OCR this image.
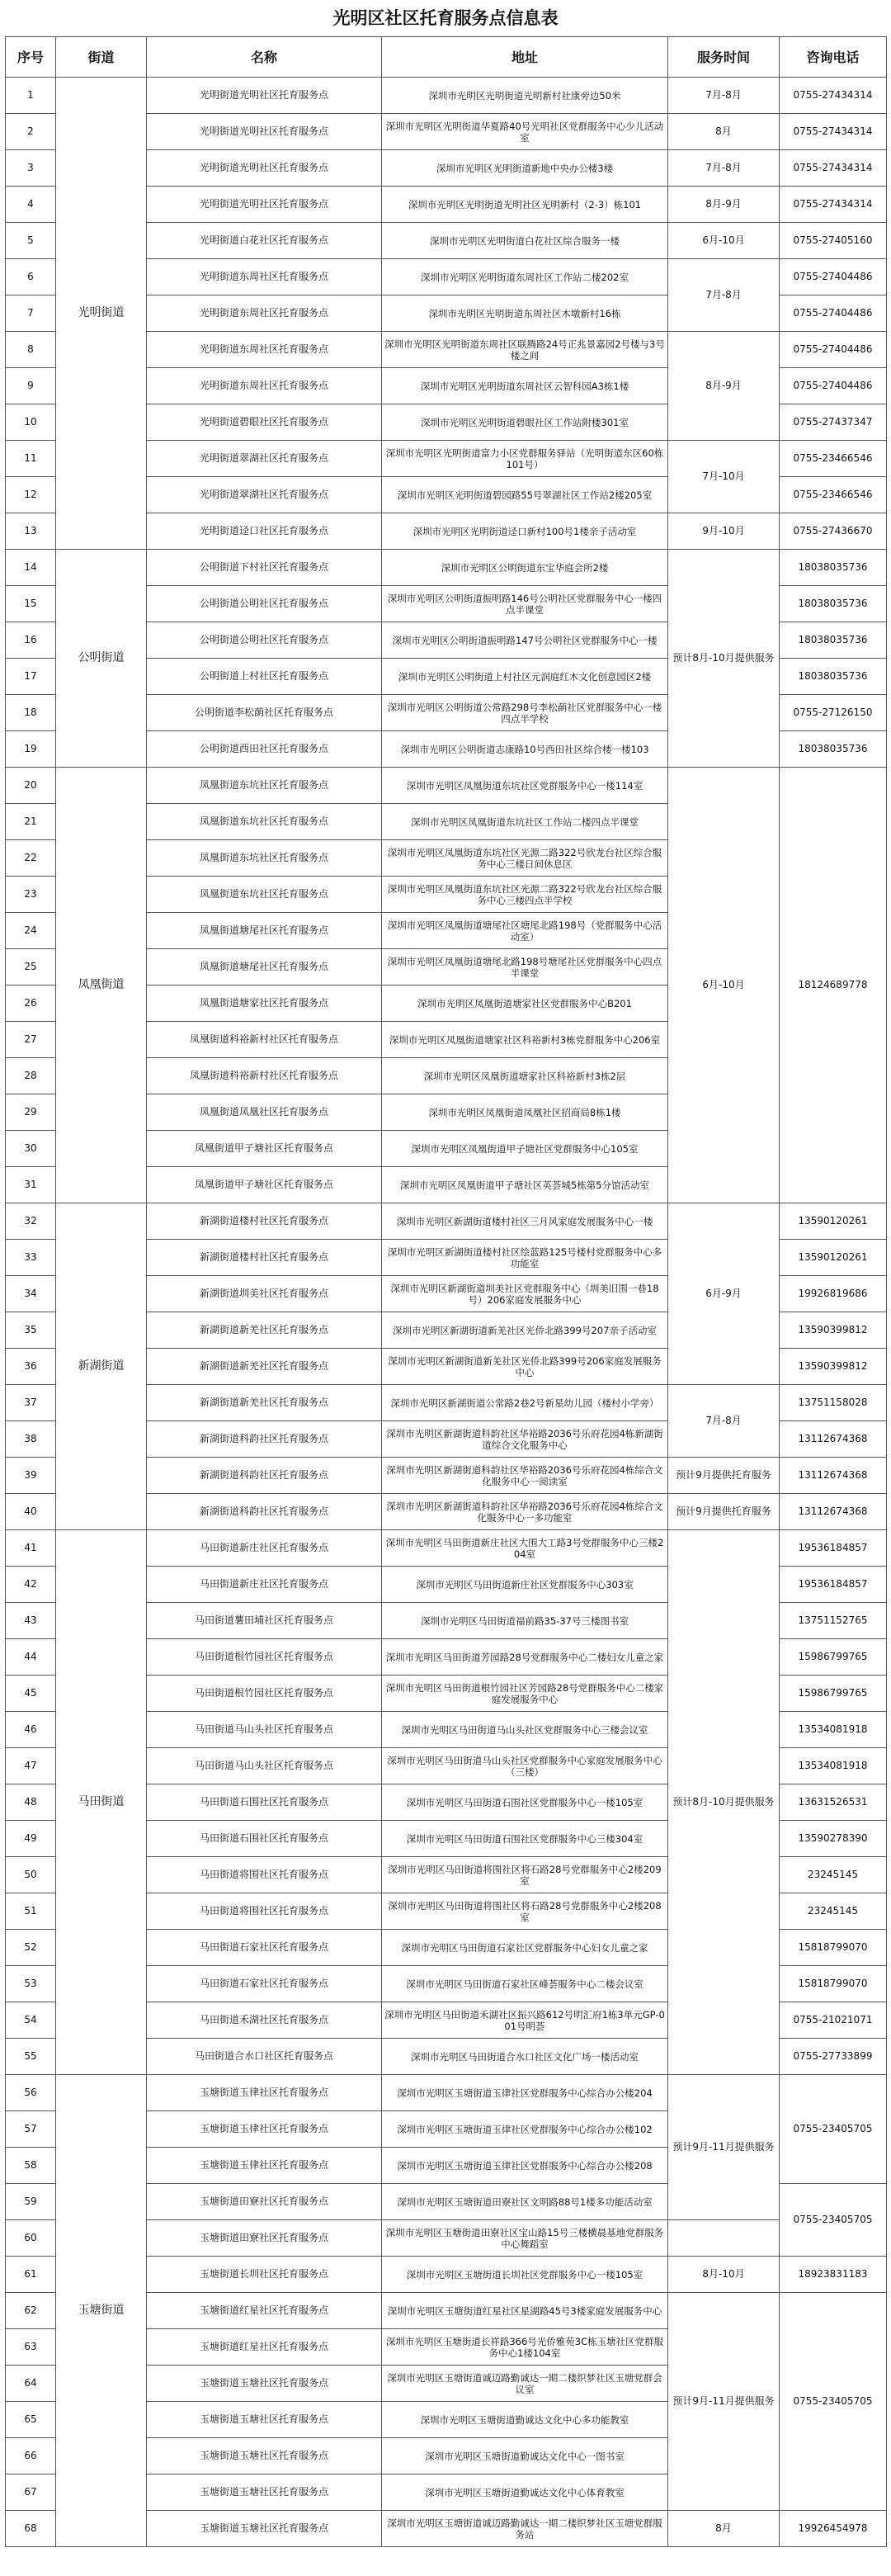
光明区社区托育服务点信息表
序号	街道	名称	地址	服务时间	咨询电话
1	光明街道	光明街道光明社区托育服务点	深圳市光明区光明街道光明新村社康旁边50米	7月-8月	0755-27434314
2		光明街道光明社区托育服务点	深圳市光明区光明街道华夏路40号光明社区党群服务中心少儿活动室	8月	0755-27434314
3		光明街道光明社区托育服务点	深圳市光明区光明街道新地中央办公楼3楼	7月-8月	0755-27434314
4		光明街道光明社区托育服务点	深圳市光明区光明街道光明社区光明新村（2-3）栋101	8月-9月	0755-27434314
5		光明街道白花社区托育服务点	深圳市光明区光明街道白花社区综合服务一楼	6月-10月	0755-27405160
6		光明街道东周社区托育服务点	深圳市光明区光明街道东周社区工作站二楼202室	7月-8月	0755-27404486
7		光明街道东周社区托育服务点	深圳市光明区光明街道东周社区木墩新村16栋		0755-27404486
8		光明街道东周社区托育服务点	深圳市光明区光明街道东周社区联腾路24号正兆景嘉园2号楼与3号楼之间	8月-9月	0755-27404486
9		光明街道东周社区托育服务点	深圳市光明区光明街道东周社区云智科园A3栋1楼		0755-27404486
10		光明街道碧眼社区托育服务点	深圳市光明区光明街道碧眼社区工作站附楼301室		0755-27437347
11		光明街道翠湖社区托育服务点	深圳市光明区光明街道富力小区党群服务驿站（光明街道东区60栋101号）	7月-10月	0755-23466546
12		光明街道翠湖社区托育服务点	深圳市光明区光明街道碧园路55号翠湖社区工作站2楼205室		0755-23466546
13		光明街道迳口社区托育服务点	深圳市光明区光明街道迳口新村100号1楼亲子活动室	9月-10月	0755-27436670
14	公明街道	公明街道下村社区托育服务点	深圳市光明区公明街道东宝华庭会所2楼	预计8月-10月提供服务	18038035736
15		公明街道公明社区托育服务点	深圳市光明区公明街道振明路146号公明社区党群服务中心一楼四点半课堂		18038035736
16		公明街道公明社区托育服务点	深圳市光明区公明街道振明路147号公明社区党群服务中心一楼		18038035736
17		公明街道上村社区托育服务点	深圳市光明区公明街道上村社区元润庭红木文化创意园区2楼		18038035736
18		公明街道李松蓢社区托育服务点	深圳市光明区公明街道公常路298号李松蓢社区党群服务中心一楼四点半学校		0755-27126150
19		公明街道西田社区托育服务点	深圳市光明区公明街道志康路10号西田社区综合楼一楼103		18038035736
20	凤凰街道	凤凰街道东坑社区托育服务点	深圳市光明区凤凰街道东坑社区党群服务中心一楼114室	6月-10月	18124689778
21		凤凰街道东坑社区托育服务点	深圳市光明区凤凰街道东坑社区工作站二楼四点半课堂		
22		凤凰街道东坑社区托育服务点	深圳市光明区凤凰街道东坑社区光源二路322号欣龙台社区综合服务中心三楼日间休息区		
23		凤凰街道东坑社区托育服务点	深圳市光明区凤凰街道东坑社区光源二路322号欣龙台社区综合服务中心三楼四点半学校		
24		凤凰街道塘尾社区托育服务点	深圳市光明区凤凰街道塘尾社区塘尾北路198号（党群服务中心活动室）		
25		凤凰街道塘尾社区托育服务点	深圳市光明区凤凰街道塘尾北路198号塘尾社区党群服务中心四点半课堂		
26		凤凰街道塘家社区托育服务点	深圳市光明区凤凰街道塘家社区党群服务中心B201		
27		凤凰街道科裕新村社区托育服务点	深圳市光明区凤凰街道塘家社区科裕新村3栋党群服务中心206室		
28		凤凰街道科裕新村社区托育服务点	深圳市光明区凤凰街道塘家社区科裕新村3栋2层		
29		凤凰街道凤凰社区托育服务点	深圳市光明区凤凰街道凤凰社区招商局8栋1楼		
30		凤凰街道甲子塘社区托育服务点	深圳市光明区凤凰街道甲子塘社区党群服务中心105室		
31		凤凰街道甲子塘社区托育服务点	深圳市光明区凤凰街道甲子塘社区英荟城5栋第5分馆活动室		
32	新湖街道	新湖街道楼村社区托育服务点	深圳市光明区新湖街道楼村社区三月风家庭发展服务中心一楼	6月-9月	13590120261
33		新湖街道楼村社区托育服务点	深圳市光明区新湖街道楼村社区绘蓝路125号楼村党群服务中心多功能室		13590120261
34		新湖街道圳美社区托育服务点	深圳市光明区新湖街道圳美社区党群服务中心（圳美旧围一巷18号）206家庭发展服务中心		19926819686
35		新湖街道新羌社区托育服务点	深圳市光明区新湖街道新羌社区光侨北路399号207亲子活动室		13590399812
36		新湖街道新羌社区托育服务点	深圳市光明区新湖街道新羌社区光侨北路399号206家庭发展服务中心		13590399812
37		新湖街道新羌社区托育服务点	深圳市光明区新湖街道公常路2巷2号新星幼儿园（楼村小学旁）	7月-8月	13751158028
38		新湖街道科韵社区托育服务点	深圳市光明区新湖街道科韵社区华裕路2036号乐府花园4栋新湖街道综合文化服务中心		13112674368
39		新湖街道科韵社区托育服务点	深圳市光明区新湖街道科韵社区华裕路2036号乐府花园4栋综合文化服务中心一阅读室	预计9月提供托育服务	13112674368
40		新湖街道科韵社区托育服务点	深圳市光明区新湖街道科韵社区华裕路2036号乐府花园4栋综合文化服务中心一多功能室	预计9月提供托育服务	13112674368
41	马田街道	马田街道新庄社区托育服务点	深圳市光明区马田街道新庄社区大围大工路3号党群服务中心三楼204室	预计8月-10月提供服务	19536184857
42		马田街道新庄社区托育服务点	深圳市光明区马田街道新庄社区党群服务中心303室		19536184857
43		马田街道薯田埔社区托育服务点	深圳市光明区马田街道福前路35-37号三楼图书室		13751152765
44		马田街道根竹园社区托育服务点	深圳市光明区马田街道芳园路28号党群服务中心二楼妇女儿童之家		15986799765
45		马田街道根竹园社区托育服务点	深圳市光明区马田街道根竹园社区芳园路28号党群服务中心二楼家庭发展服务中心		15986799765
46		马田街道马山头社区托育服务点	深圳市光明区马田街道马山头社区党群服务中心三楼会议室		13534081918
47		马田街道马山头社区托育服务点	深圳市光明区马田街道马山头社区党群服务中心家庭发展服务中心（三楼）		13534081918
48		马田街道石围社区托育服务点	深圳市光明区马田街道石围社区党群服务中心一楼105室		13631526531
49		马田街道石围社区托育服务点	深圳市光明区马田街道石围社区党群服务中心三楼304室		13590278390
50		马田街道将围社区托育服务点	深圳市光明区马田街道将围社区将石路28号党群服务中心2楼209室		23245145
51		马田街道将围社区托育服务点	深圳市光明区马田街道将围社区将石路28号党群服务中心2楼208室		23245145
52		马田街道石家社区托育服务点	深圳市光明区马田街道石家社区党群服务中心妇女儿童之家		15818799070
53		马田街道石家社区托育服务点	深圳市光明区马田街道石家社区峰荟服务中心二楼会议室		15818799070
54		马田街道禾湖社区托育服务点	深圳市光明区马田街道禾湖社区振兴路612号明汇府1栋3单元GP-001号明荟		0755-21021071
55		马田街道合水口社区托育服务点	深圳市光明区马田街道合水口社区文化广场一楼活动室		0755-27733899
56	玉塘街道	玉塘街道玉律社区托育服务点	深圳市光明区玉塘街道玉律社区党群服务中心综合办公楼204	预计9月-11月提供服务	0755-23405705
57		玉塘街道玉律社区托育服务点	深圳市光明区玉塘街道玉律社区党群服务中心综合办公楼102		
58		玉塘街道玉律社区托育服务点	深圳市光明区玉塘街道玉律社区党群服务中心综合办公楼208		
59		玉塘街道田寮社区托育服务点	深圳市光明区玉塘街道田寮社区文明路88号1楼多功能活动室		0755-23405705
60		玉塘街道田寮社区托育服务点	深圳市光明区玉塘街道田寮社区宝山路15号三楼横晨基地党群服务中心舞蹈室		
61		玉塘街道长圳社区托育服务点	深圳市光明区玉塘街道长圳社区党群服务中心一楼105室	8月-10月	18923831183
62		玉塘街道红星社区托育服务点	深圳市光明区玉塘街道红星社区星湖路45号3楼家庭发展服务中心	预计9月-11月提供服务	0755-23405705
63		玉塘街道红星社区托育服务点	深圳市光明区玉塘街道长祥路366号光侨雅苑3C栋玉塘社区党群服务中心1楼104室		
64		玉塘街道玉塘社区托育服务点	深圳市光明区玉塘街道诚迈路勤诚达一期二楼织梦社区玉塘党群会议室		
65		玉塘街道玉塘社区托育服务点	深圳市光明区玉塘街道勤诚达文化中心多功能教室		
66		玉塘街道玉塘社区托育服务点	深圳市光明区玉塘街道勤诚达文化中心一图书室		
67		玉塘街道玉塘社区托育服务点	深圳市光明区玉塘街道勤诚达文化中心体育教室		
68		玉塘街道玉塘社区托育服务点	深圳市光明区玉塘街道诚迈路勤诚达一期二楼织梦社区玉塘党群服务站	8月	19926454978
